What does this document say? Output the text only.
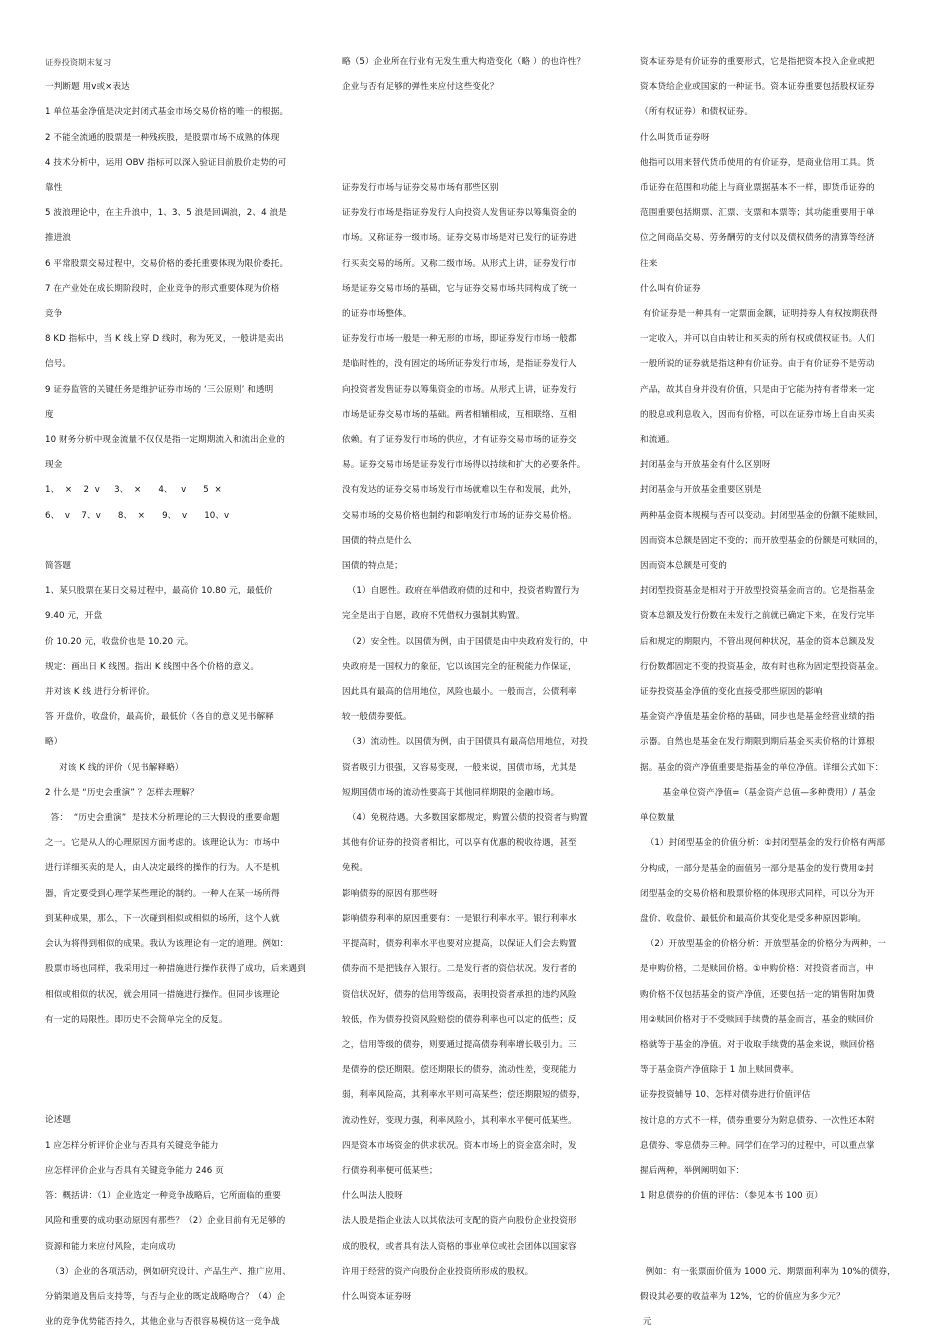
证券投资期末复习
一判断题 用v或×表达
1 单位基金净值是决定封闭式基金市场交易价格的唯一的根据。
2 不能全流通的股票是一种残疾股，是股票市场不成熟的体现
4 技术分析中，运用 OBV 指标可以深入验证目前股价走势的可
靠性
5 波浪理论中，在主升浪中，1、3、5 浪是回调浪，2、4 浪是
推进浪
6 平常股票交易过程中，交易价格的委托重要体现为限价委托。
7 在产业处在成长期阶段时，企业竞争的形式重要体现为价格
竞争
8 KD 指标中，当 K 线上穿 D 线时，称为死叉，一般讲是卖出
信号。
9 证券监管的关键任务是维护证券市场的 ‘三公原则’ 和透明
度
10 财务分析中现金流量不仅仅是指一定期期流入和流出企业的
现金
1、  ×    2  v     3、  ×      4、   v      5  ×
6、  v    7、v      8、  ×      9、  v      10、v
简答题
1、某只股票在某日交易过程中，最高价 10.80 元，最低价
9.40 元，开盘
价 10.20 元，收盘价也是 10.20 元。
规定：画出日 K 线图。指出 K 线图中各个价格的意义。
并对该 K 线 进行分析评价。
答 开盘价，收盘价，最高价，最低价（各自的意义见书解释
略）
对该 K 线的评价（见书解释略）
2 什么是 “历史会重演” ？怎样去理解？
答：  “历史会重演”  是技术分析理论的三大假设的重要命题
之一。它是从人的心理原因方面考虑的。该理论认为：市场中
进行详细买卖的是人，由人决定最终的操作的行为。人不是机
器，肯定要受到心理学某些理论的制约。一种人在某一场所得
到某种成果，那么，下一次碰到相似或相似的场所，这个人就
会认为将得到相似的成果。我认为该理论有一定的道理。例如：
股票市场也同样，我采用过一种措施进行操作获得了成功，后来遇到
相似或相似的状况，就会用同一措施进行操作。但同步该理论
有一定的局限性。即历史不会简单完全的反复。
论述题
1 应怎样分析评价企业与否具有关键竞争能力
应怎样评价企业与否具有关键竞争能力 246 页
答：概括讲：（1）企业选定一种竞争战略后，它所面临的重要
风险和重要的成功驱动原因有那些？（2）企业目前有无足够的
资源和能力来应付风险，走向成功
（3）企业的各项活动，例如研究设计、产品生产、推广应用、
分销渠道及售后支持等，与否与企业的既定战略吻合？（4）企
业的竞争优势能否持久，其他企业与否很容易模仿这一竞争战
略（5）企业所在行业有无发生重大构造变化（略 ）的也许性？
企业与否有足够的弹性来应付这些变化？
证券发行市场与证券交易市场有那些区别
证券发行市场是指证券发行人向投资人发售证券以筹集资金的
市场。又称证券一级市场。证券交易市场是对已发行的证券进
行买卖交易的场所。又称二级市场。从形式上讲，证券发行市
场是证券交易市场的基础，它与证券交易市场共同构成了统一
的证券市场整体。
证券发行市场一般是一种无形的市场，即证券发行市场一般都
是临时性的，没有固定的场所证券发行市场，是指证券发行人
向投资者发售证券以筹集资金的市场。从形式上讲，证券发行
市场是证券交易市场的基础。两者相辅相成，互相联络、互相
依赖。有了证券发行市场的供应，才有证券交易市场的证券交
易。证券交易市场是证券发行市场得以持续和扩大的必要条件。
没有发达的证券交易市场发行市场就难以生存和发展，此外，
交易市场的交易价格也制约和影响发行市场的证券交易价格。
国债的特点是什么
国债的特点是；
（1）自愿性。政府在举借政府债的过和中，投资者购置行为
完全是出于自愿，政府不凭借权力强制其购置。
（2）安全性。以国债为例，由于国债是由中央政府发行的，中
央政府是一国权力的象征，它以该国完全的征税能力作保证，
因此具有最高的信用地位，风险也最小。一般而言，公债利率
较一般债券要低。
（3）流动性。以国债为例，由于国债具有最高信用地位，对投
资者吸引力很强，又容易变现，一般来说，国债市场，尤其是
短期国债市场的流动性要高于其他同样期限的金融市场。
（4）免税待遇。大多数国家都规定，购置公债的投资者与购置
其他有价证券的投资者相比，可以享有优惠的税收待遇，甚至
免税。
影响债券的原因有那些呀
影响债券利率的原因重要有：一是银行利率水平。银行利率水
平提高时，债券利率水平也要对应提高，以保证人们会去购置
债券而不是把钱存入银行。二是发行者的资信状况。发行者的
资信状况好，债券的信用等级高，表明投资者承担的违约风险
较低，作为债券投资风险赔偿的债券利率也可以定的低些；反
之，信用等级的债券，则要通过提高债券利率增长吸引力。三
是债券的偿还期限。偿还期限长的债券，流动性差，变现能力
弱，利率风险高，其利率水平则可高某些；偿还期限短的债券，
流动性好，变现力强，利率风险小，其利率水平便可低某些。
四是资本市场资金的供求状况。资本市场上的资金富余时，发
行债券利率便可低某些；
什么叫法人股呀
法人股是指企业法人以其依法可支配的资产向股份企业投资形
成的股权，或者具有法人资格的事业单位或社会团体以国家容
许用于经营的资产向股份企业投资所形成的股权。
什么叫资本证券呀
资本证券是有价证券的重要形式，它是指把资本投入企业或把
资本贷给企业或国家的一种证书。资本证券重要包括股权证券
（所有权证券）和债权证券。
什么叫货币证券呀
他指可以用来替代货币使用的有价证券，是商业信用工具。货
币证券在范围和功能上与商业票据基本不一样，即货币证券的
范围重要包括期票、汇票、支票和本票等；其功能重要用于单
位之间商品交易、劳务酬劳的支付以及债权债务的清算等经济
往来
什么叫有价证券
有价证券是一种具有一定票面金额，证明持券人有权按期获得
一定收入，并可以自由转让和买卖的所有权或债权证书。人们
一般所说的证券就是指这种有价证券。由于有价证券不是劳动
产品，故其自身并没有价值，只是由于它能为持有者带来一定
的股息或利息收入，因而有价格，可以在证券市场上自由买卖
和流通。
封闭基金与开放基金有什么区别呀
封闭基金与开放基金重要区别是
两种基金资本规模与否可以变动。封闭型基金的份额不能赎回，
因而资本总额是固定不变的；而开放型基金的份额是可赎回的，
因而资本总额是可变的
封闭型投资基金是相对于开放型投资基金而言的。它是指基金
资本总额及发行份数在未发行之前就已确定下来，在发行完毕
后和规定的期限内，不管出现何种状况，基金的资本总额及发
行份数都固定不变的投资基金，故有时也称为固定型投资基金。
证券投资基金净值的变化直接受那些原因的影响
基金资产净值是基金价格的基础，同步也是基金经营业绩的指
示器。自然也是基金在发行期限到期后基金买卖价格的计算根
据。基金的资产净值重要是指基金的单位净值。详细公式如下：
基金单位资产净值=（基金资产总值—多种费用）/ 基金
单位数量
（1）封闭型基金的价值分析：①封闭型基金的发行价格有两部
分构成，一部分是基金的面值另一部分是基金的发行费用②封
闭型基金的交易价格和股票价格的体现形式同样，可以分为开
盘价、收盘价、最低价和最高价其变化是受多种原因影响。
（2）开放型基金的价格分析：开放型基金的价格分为两种，一
是申购价格，二是赎回价格。①申购价格：对投资者而言，申
购价格不仅包括基金的资产净值，还要包括一定的销售附加费
用②赎回价格对于不受赎回手续费的基金而言，基金的赎回价
格就等于基金的净值。对于收取手续费的基金来说，赎回价格
等于基金资产净值除于 1 加上赎回费率。
证券投资辅导 10、怎样对债券进行价值评估
按计息的方式不一样，债券重要分为附息债券、一次性还本附
息债券、零息债券三种。同学们在学习的过程中，可以重点掌
握后两种，举例阐明如下：
1 附息债券的价值的评估：（参见本书 100 页）
例如：有一张票面价值为 1000 元、期票面利率为 10%的债券，
假设其必要的收益率为 12%，它的价值应为多少元？
元
